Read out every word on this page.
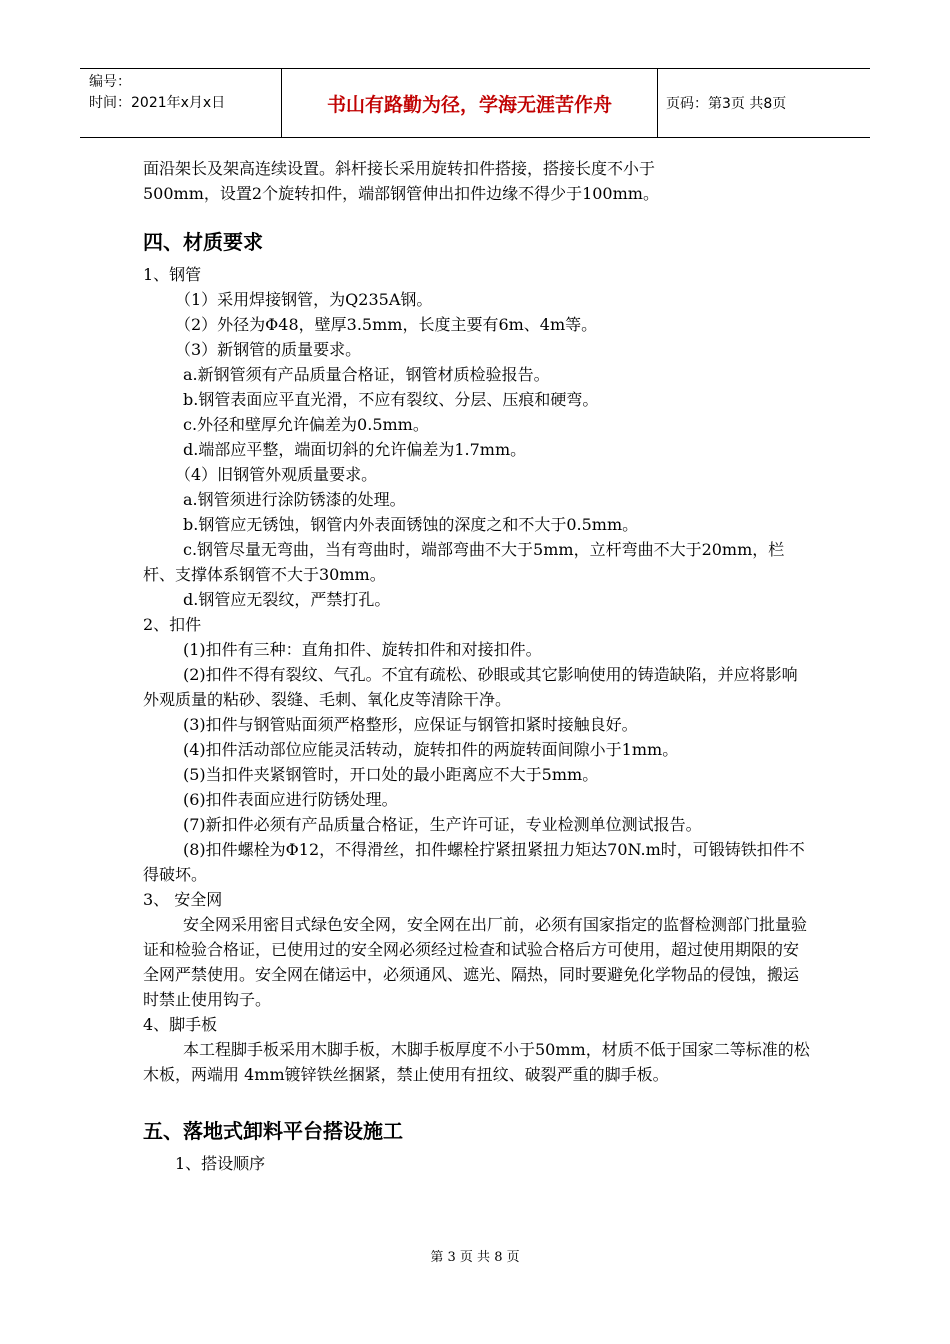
编号：
时间：2021年x月x日	书山有路勤为径，学海无涯苦作舟	页码：第3页 共8页

面沿架长及架高连续设置。斜杆接长采用旋转扣件搭接，搭接长度不小于

500mm，设置2个旋转扣件，端部钢管伸出扣件边缘不得少于100mm。

四、材质要求

1、钢管

（1）采用焊接钢管，为Q235A钢。

（2）外径为Φ48，壁厚3.5mm，长度主要有6m、4m等。

（3）新钢管的质量要求。

a.新钢管须有产品质量合格证，钢管材质检验报告。

b.钢管表面应平直光滑，不应有裂纹、分层、压痕和硬弯。

c.外径和壁厚允许偏差为0.5mm。

d.端部应平整，端面切斜的允许偏差为1.7mm。

（4）旧钢管外观质量要求。

a.钢管须进行涂防锈漆的处理。

b.钢管应无锈蚀，钢管内外表面锈蚀的深度之和不大于0.5mm。

c.钢管尽量无弯曲，当有弯曲时，端部弯曲不大于5mm，立杆弯曲不大于20mm，栏杆、支撑体系钢管不大于30mm。

d.钢管应无裂纹，严禁打孔。

2、扣件

(1)扣件有三种：直角扣件、旋转扣件和对接扣件。

(2)扣件不得有裂纹、气孔。不宜有疏松、砂眼或其它影响使用的铸造缺陷，并应将影响外观质量的粘砂、裂缝、毛刺、氧化皮等清除干净。

(3)扣件与钢管贴面须严格整形，应保证与钢管扣紧时接触良好。

(4)扣件活动部位应能灵活转动，旋转扣件的两旋转面间隙小于1mm。

(5)当扣件夹紧钢管时，开口处的最小距离应不大于5mm。

(6)扣件表面应进行防锈处理。

(7)新扣件必须有产品质量合格证，生产许可证，专业检测单位测试报告。

(8)扣件螺栓为Φ12，不得滑丝，扣件螺栓拧紧扭紧扭力矩达70N.m时，可锻铸铁扣件不得破坏。

3、 安全网

安全网采用密目式绿色安全网，安全网在出厂前，必须有国家指定的监督检测部门批量验证和检验合格证，已使用过的安全网必须经过检查和试验合格后方可使用，超过使用期限的安全网严禁使用。安全网在储运中，必须通风、遮光、隔热，同时要避免化学物品的侵蚀，搬运时禁止使用钩子。

4、脚手板

本工程脚手板采用木脚手板，木脚手板厚度不小于50mm，材质不低于国家二等标准的松木板，两端用 4mm镀锌铁丝捆紧，禁止使用有扭纹、破裂严重的脚手板。

五、落地式卸料平台搭设施工

1、搭设顺序

第 3 页 共 8 页
